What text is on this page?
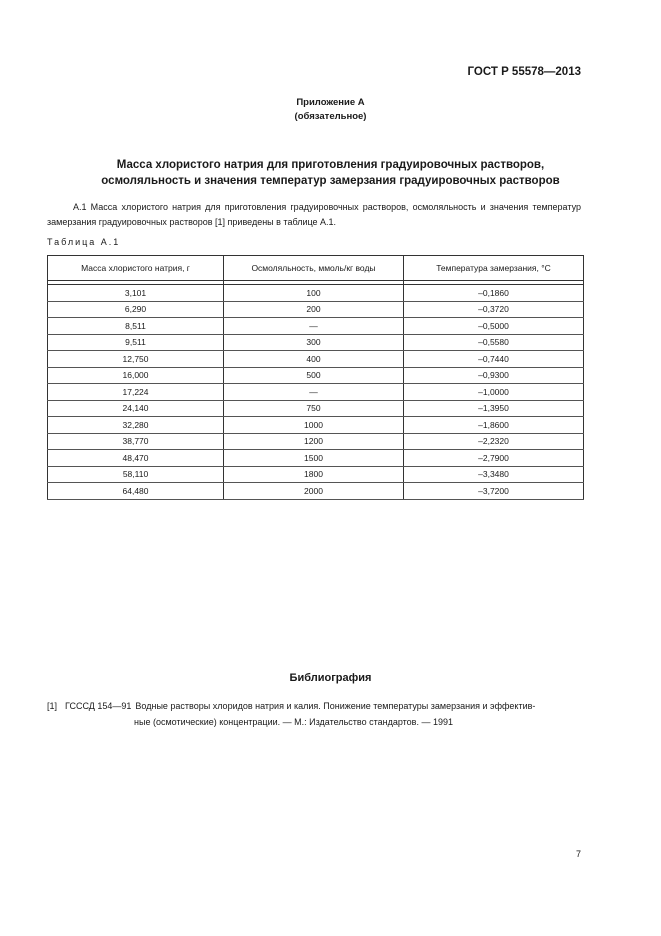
ГОСТ Р 55578—2013
Приложение А
(обязательное)
Масса хлористого натрия для приготовления градуировочных растворов,
осмоляльность и значения температур замерзания градуировочных растворов
А.1 Масса хлористого натрия для приготовления градуировочных растворов, осмоляльность и значения температур замерзания градуировочных растворов [1] приведены в таблице А.1.
Таблица А.1
Масса хлористого натрия, г	Осмоляльность, ммоль/кг воды	Температура замерзания, °С

3,101	100	–0,1860
6,290	200	–0,3720
8,511	—	–0,5000
9,511	300	–0,5580
12,750	400	–0,7440
16,000	500	–0,9300
17,224	—	–1,0000
24,140	750	–1,3950
32,280	1000	–1,8600
38,770	1200	–2,2320
48,470	1500	–2,7900
58,110	1800	–3,3480
64,480	2000	–3,7200
Библиография
[1] ГСССД 154—91 Водные растворы хлоридов натрия и калия. Понижение температуры замерзания и эффектив-
ные (осмотические) концентрации. — М.: Издательство стандартов. — 1991
7
